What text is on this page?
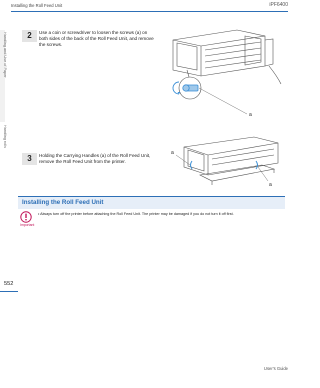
Installing the Roll Feed Unit	iPF6400
Handling and Use of Paper
Handling rolls
552
2	Use a coin or screwdriver to loosen the screws (a) on
both sides of the back of the Roll Feed Unit, and remove
the screws.
a
3	Holding the Carrying Handles (a) of the Roll Feed Unit,
remove the Roll Feed Unit from the printer.
a
a
Installing the Roll Feed Unit
Important
• Always turn off the printer before attaching the Roll Feed Unit. The printer may be damaged if you do not turn it off first.
User's Guide
